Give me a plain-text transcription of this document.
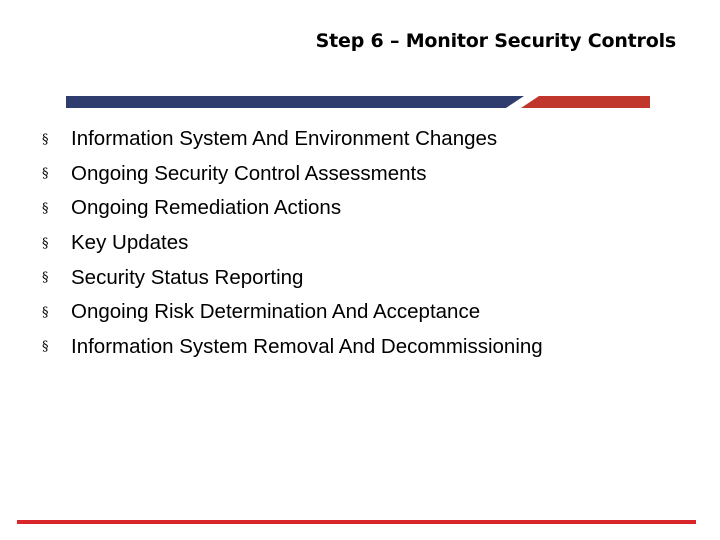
Step 6 – Monitor Security Controls
§	Information System And Environment Changes
§	Ongoing Security Control Assessments
§	Ongoing Remediation Actions
§	Key Updates
§	Security Status Reporting
§	Ongoing Risk Determination And Acceptance
§	Information System Removal And Decommissioning
